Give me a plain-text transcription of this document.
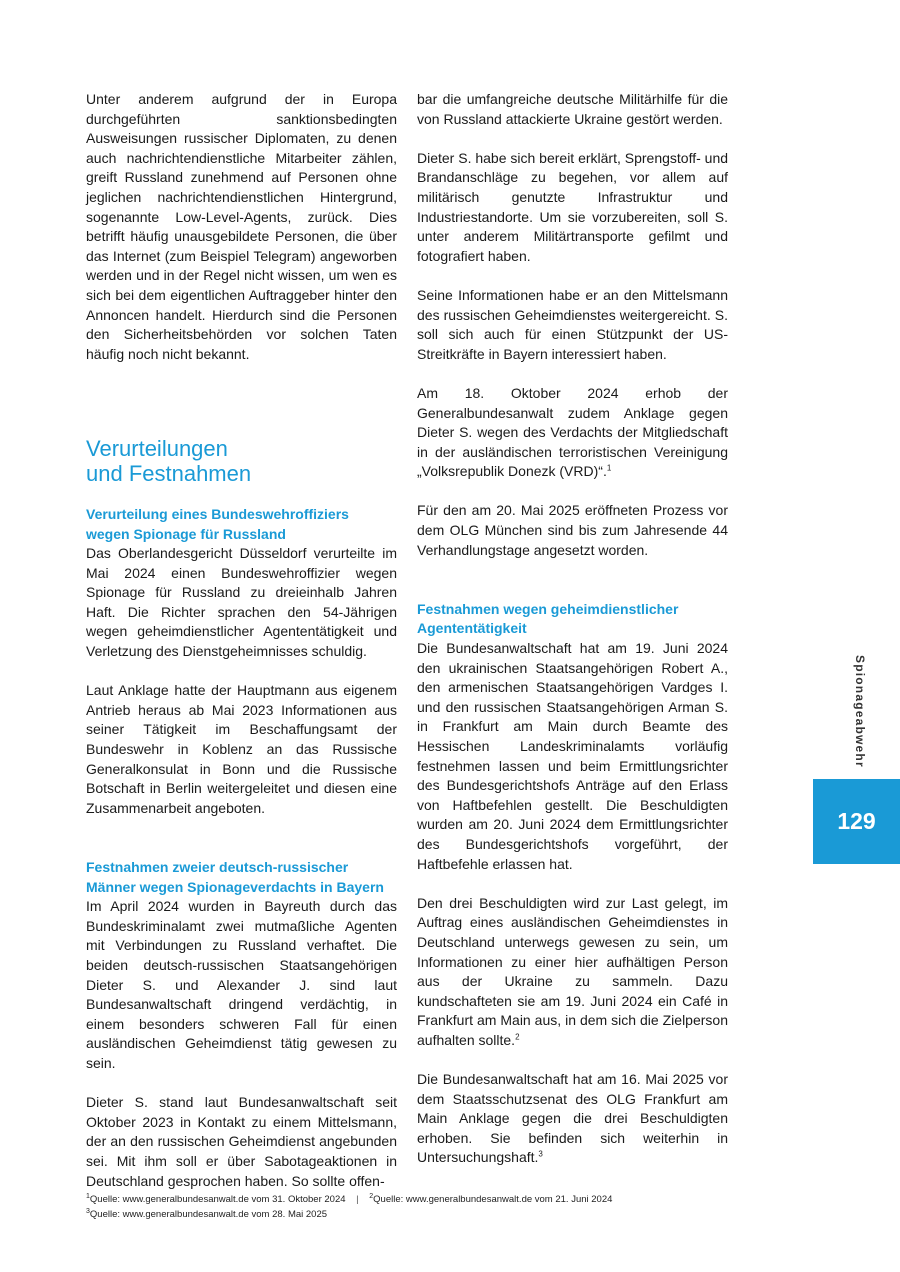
Unter anderem aufgrund der in Europa durchgeführten sanktionsbedingten Ausweisungen russischer Diplomaten, zu denen auch nachrichtendienstliche Mitarbeiter zählen, greift Russland zunehmend auf Personen ohne jeglichen nachrichtendienstlichen Hintergrund, sogenannte Low-Level-Agents, zurück. Dies betrifft häufig unausgebildete Personen, die über das Internet (zum Beispiel Telegram) angeworben werden und in der Regel nicht wissen, um wen es sich bei dem eigentlichen Auftraggeber hinter den Annoncen handelt. Hierdurch sind die Personen den Sicherheitsbehörden vor solchen Taten häufig noch nicht bekannt.

Verurteilungen
und Festnahmen
Verurteilung eines Bundeswehroffiziers
wegen Spionage für Russland

Das Oberlandesgericht Düsseldorf verurteilte im Mai 2024 einen Bundeswehroffizier wegen Spionage für Russland zu dreieinhalb Jahren Haft. Die Richter sprachen den 54-Jährigen wegen geheimdienstlicher Agententätigkeit und Verletzung des Dienstgeheimnisses schuldig.

Laut Anklage hatte der Hauptmann aus eigenem Antrieb heraus ab Mai 2023 Informationen aus seiner Tätigkeit im Beschaffungsamt der Bundeswehr in Koblenz an das Russische Generalkonsulat in Bonn und die Russische Botschaft in Berlin weitergeleitet und diesen eine Zusammenarbeit angeboten.

Festnahmen zweier deutsch-russischer
Männer wegen Spionageverdachts in Bayern

Im April 2024 wurden in Bayreuth durch das Bundeskriminalamt zwei mutmaßliche Agenten mit Verbindungen zu Russland verhaftet. Die beiden deutsch-russischen Staatsangehörigen Dieter S. und Alexander J. sind laut Bundesanwaltschaft dringend verdächtig, in einem besonders schweren Fall für einen ausländischen Geheimdienst tätig gewesen zu sein.

Dieter S. stand laut Bundesanwaltschaft seit Oktober 2023 in Kontakt zu einem Mittelsmann, der an den russischen Geheimdienst angebunden sei. Mit ihm soll er über Sabotageaktionen in Deutschland gesprochen haben. So sollte offen-

bar die umfangreiche deutsche Militärhilfe für die von Russland attackierte Ukraine gestört werden.

Dieter S. habe sich bereit erklärt, Sprengstoff- und Brandanschläge zu begehen, vor allem auf militärisch genutzte Infrastruktur und Industriestandorte. Um sie vorzubereiten, soll S. unter anderem Militärtransporte gefilmt und fotografiert haben.

Seine Informationen habe er an den Mittelsmann des russischen Geheimdienstes weitergereicht. S. soll sich auch für einen Stützpunkt der US-Streitkräfte in Bayern interessiert haben.

Am 18. Oktober 2024 erhob der Generalbundesanwalt zudem Anklage gegen Dieter S. wegen des Verdachts der Mitgliedschaft in der ausländischen terroristischen Vereinigung „Volksrepublik Donezk (VRD)“.$^1$

Für den am 20. Mai 2025 eröffneten Prozess vor dem OLG München sind bis zum Jahresende 44 Verhandlungstage angesetzt worden.

Festnahmen wegen geheimdienstlicher
Agententätigkeit

Die Bundesanwaltschaft hat am 19. Juni 2024 den ukrainischen Staatsangehörigen Robert A., den armenischen Staatsangehörigen Vardges I. und den russischen Staatsangehörigen Arman S. in Frankfurt am Main durch Beamte des Hessischen Landeskriminalamts vorläufig festnehmen lassen und beim Ermittlungsrichter des Bundesgerichtshofs Anträge auf den Erlass von Haftbefehlen gestellt. Die Beschuldigten wurden am 20. Juni 2024 dem Ermittlungsrichter des Bundesgerichtshofs vorgeführt, der Haftbefehle erlassen hat.

Den drei Beschuldigten wird zur Last gelegt, im Auftrag eines ausländischen Geheimdienstes in Deutschland unterwegs gewesen zu sein, um Informationen zu einer hier aufhältigen Person aus der Ukraine zu sammeln. Dazu kundschafteten sie am 19. Juni 2024 ein Café in Frankfurt am Main aus, in dem sich die Zielperson aufhalten sollte.$^2$

Die Bundesanwaltschaft hat am 16. Mai 2025 vor dem Staatsschutzsenat des OLG Frankfurt am Main Anklage gegen die drei Beschuldigten erhoben. Sie befinden sich weiterhin in Untersuchungshaft.$^3$

Spionageabwehr
129
$^1$Quelle: www.generalbundesanwalt.de vom 31. Oktober 2024 | $^2$Quelle: www.generalbundesanwalt.de vom 21. Juni 2024
$^3$Quelle: www.generalbundesanwalt.de vom 28. Mai 2025
